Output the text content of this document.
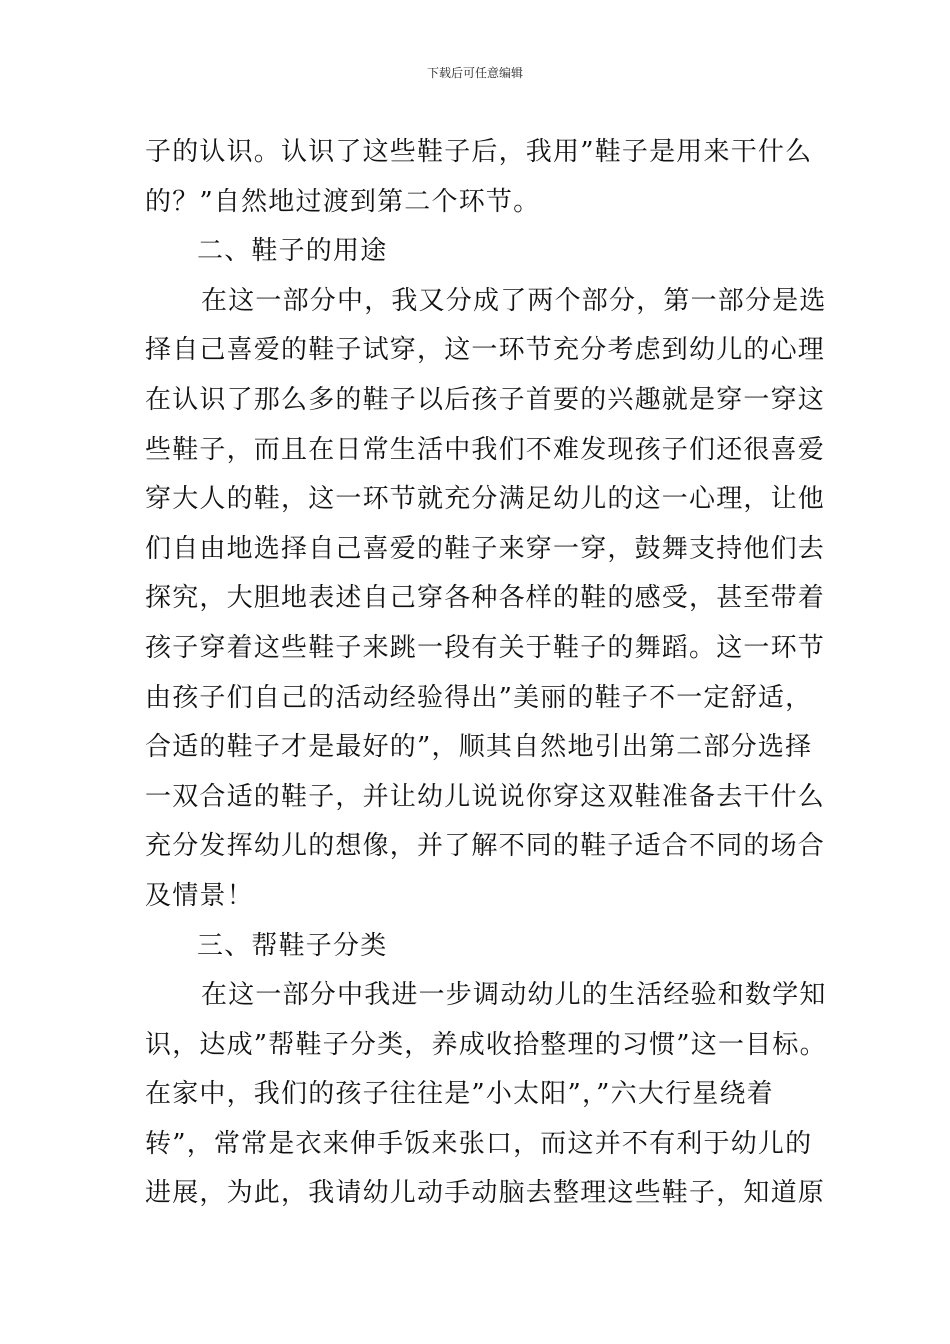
下载后可任意编辑
子的认识。认识了这些鞋子后，我用”鞋子是用来干什么
的？”自然地过渡到第二个环节。
二、鞋子的用途
在这一部分中，我又分成了两个部分，第一部分是选
择自己喜爱的鞋子试穿，这一环节充分考虑到幼儿的心理
在认识了那么多的鞋子以后孩子首要的兴趣就是穿一穿这
些鞋子，而且在日常生活中我们不难发现孩子们还很喜爱
穿大人的鞋，这一环节就充分满足幼儿的这一心理，让他
们自由地选择自己喜爱的鞋子来穿一穿，鼓舞支持他们去
探究，大胆地表述自己穿各种各样的鞋的感受，甚至带着
孩子穿着这些鞋子来跳一段有关于鞋子的舞蹈。这一环节
由孩子们自己的活动经验得出”美丽的鞋子不一定舒适，
合适的鞋子才是最好的”，顺其自然地引出第二部分选择
一双合适的鞋子，并让幼儿说说你穿这双鞋准备去干什么
充分发挥幼儿的想像，并了解不同的鞋子适合不同的场合
及情景！
三、帮鞋子分类
在这一部分中我进一步调动幼儿的生活经验和数学知
识，达成”帮鞋子分类，养成收拾整理的习惯”这一目标。
在家中，我们的孩子往往是”小太阳”，”六大行星绕着
转”，常常是衣来伸手饭来张口，而这并不有利于幼儿的
进展，为此，我请幼儿动手动脑去整理这些鞋子，知道原
